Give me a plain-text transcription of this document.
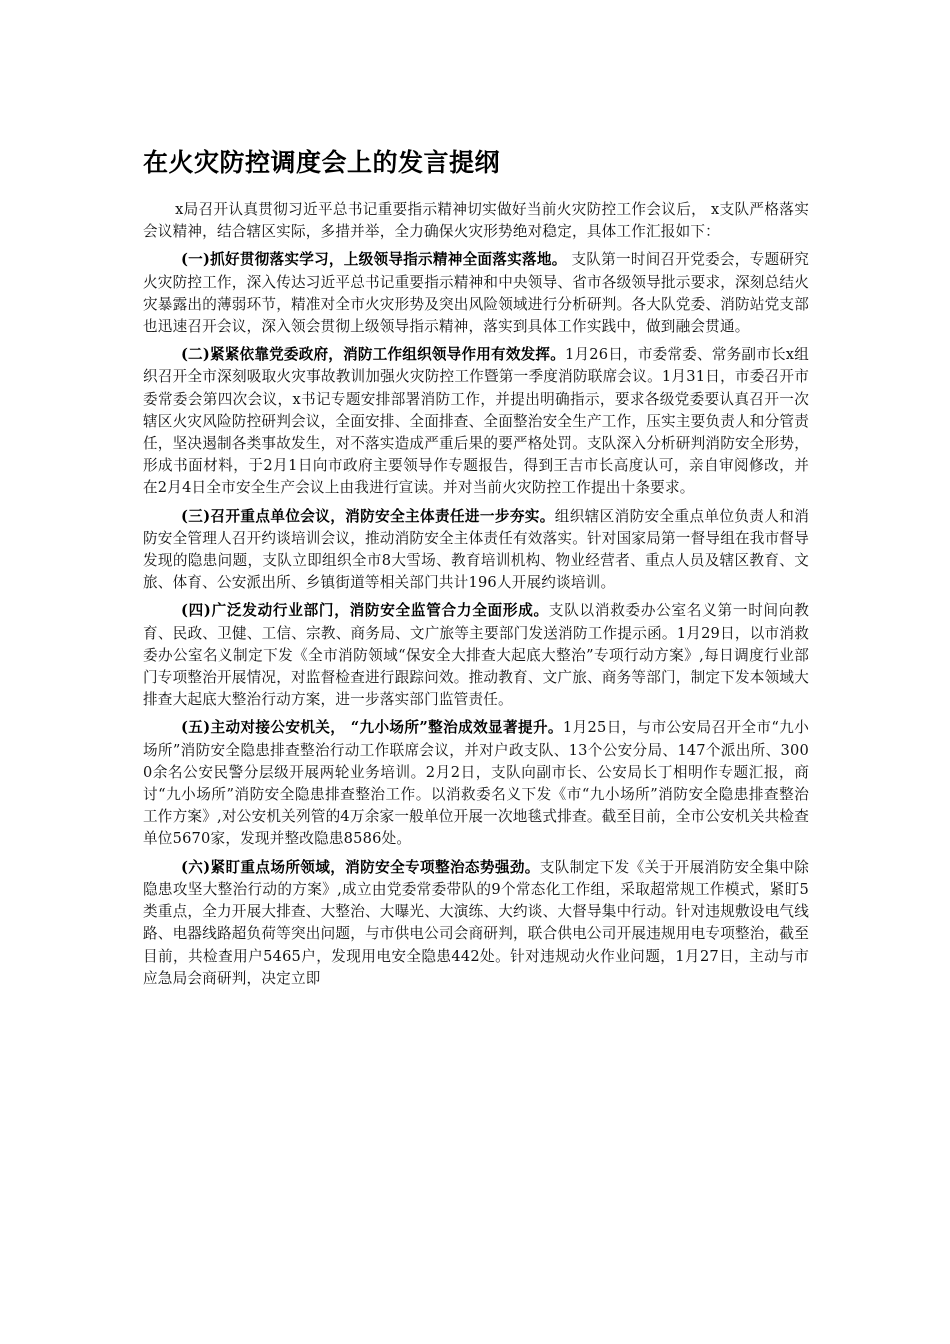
在火灾防控调度会上的发言提纲

x局召开认真贯彻习近平总书记重要指示精神切实做好当前火灾防控工作会议后， x支队严格落实会议精神，结合辖区实际，多措并举，全力确保火灾形势绝对稳定，具体工作汇报如下：

(一)抓好贯彻落实学习，上级领导指示精神全面落实落地。 支队第一时间召开党委会，专题研究火灾防控工作，深入传达习近平总书记重要指示精神和中央领导、省市各级领导批示要求，深刻总结火灾暴露出的薄弱环节，精准对全市火灾形势及突出风险领域进行分析研判。各大队党委、消防站党支部也迅速召开会议，深入领会贯彻上级领导指示精神，落实到具体工作实践中，做到融会贯通。

(二)紧紧依靠党委政府，消防工作组织领导作用有效发挥。1月26日，市委常委、常务副市长x组织召开全市深刻吸取火灾事故教训加强火灾防控工作暨第一季度消防联席会议。1月31日，市委召开市委常委会第四次会议，x书记专题安排部署消防工作，并提出明确指示，要求各级党委要认真召开一次辖区火灾风险防控研判会议，全面安排、全面排查、全面整治安全生产工作，压实主要负责人和分管责任，坚决遏制各类事故发生，对不落实造成严重后果的要严格处罚。支队深入分析研判消防安全形势，形成书面材料，于2月1日向市政府主要领导作专题报告，得到王吉市长高度认可，亲自审阅修改，并在2月4日全市安全生产会议上由我进行宣读。并对当前火灾防控工作提出十条要求。

(三)召开重点单位会议，消防安全主体责任进一步夯实。组织辖区消防安全重点单位负责人和消防安全管理人召开约谈培训会议，推动消防安全主体责任有效落实。针对国家局第一督导组在我市督导发现的隐患问题，支队立即组织全市8大雪场、教育培训机构、物业经营者、重点人员及辖区教育、文旅、体育、公安派出所、乡镇街道等相关部门共计196人开展约谈培训。

(四)广泛发动行业部门，消防安全监管合力全面形成。支队以消救委办公室名义第一时间向教育、民政、卫健、工信、宗教、商务局、文广旅等主要部门发送消防工作提示函。1月29日，以市消救委办公室名义制定下发《全市消防领域“保安全大排查大起底大整治”专项行动方案》,每日调度行业部门专项整治开展情况，对监督检查进行跟踪问效。推动教育、文广旅、商务等部门，制定下发本领域大排查大起底大整治行动方案，进一步落实部门监管责任。

(五)主动对接公安机关， “九小场所”整治成效显著提升。1月25日，与市公安局召开全市“九小场所”消防安全隐患排查整治行动工作联席会议，并对户政支队、13个公安分局、147个派出所、3000余名公安民警分层级开展两轮业务培训。2月2日，支队向副市长、公安局长丁相明作专题汇报，商讨“九小场所”消防安全隐患排查整治工作。以消救委名义下发《市“九小场所”消防安全隐患排查整治工作方案》,对公安机关列管的4万余家一般单位开展一次地毯式排查。截至目前，全市公安机关共检查单位5670家，发现并整改隐患8586处。

(六)紧盯重点场所领域，消防安全专项整治态势强劲。支队制定下发《关于开展消防安全集中除隐患攻坚大整治行动的方案》,成立由党委常委带队的9个常态化工作组，采取超常规工作模式，紧盯5类重点，全力开展大排查、大整治、大曝光、大演练、大约谈、大督导集中行动。针对违规敷设电气线路、电器线路超负荷等突出问题，与市供电公司会商研判，联合供电公司开展违规用电专项整治，截至目前，共检查用户5465户，发现用电安全隐患442处。针对违规动火作业问题，1月27日，主动与市应急局会商研判，决定立即
